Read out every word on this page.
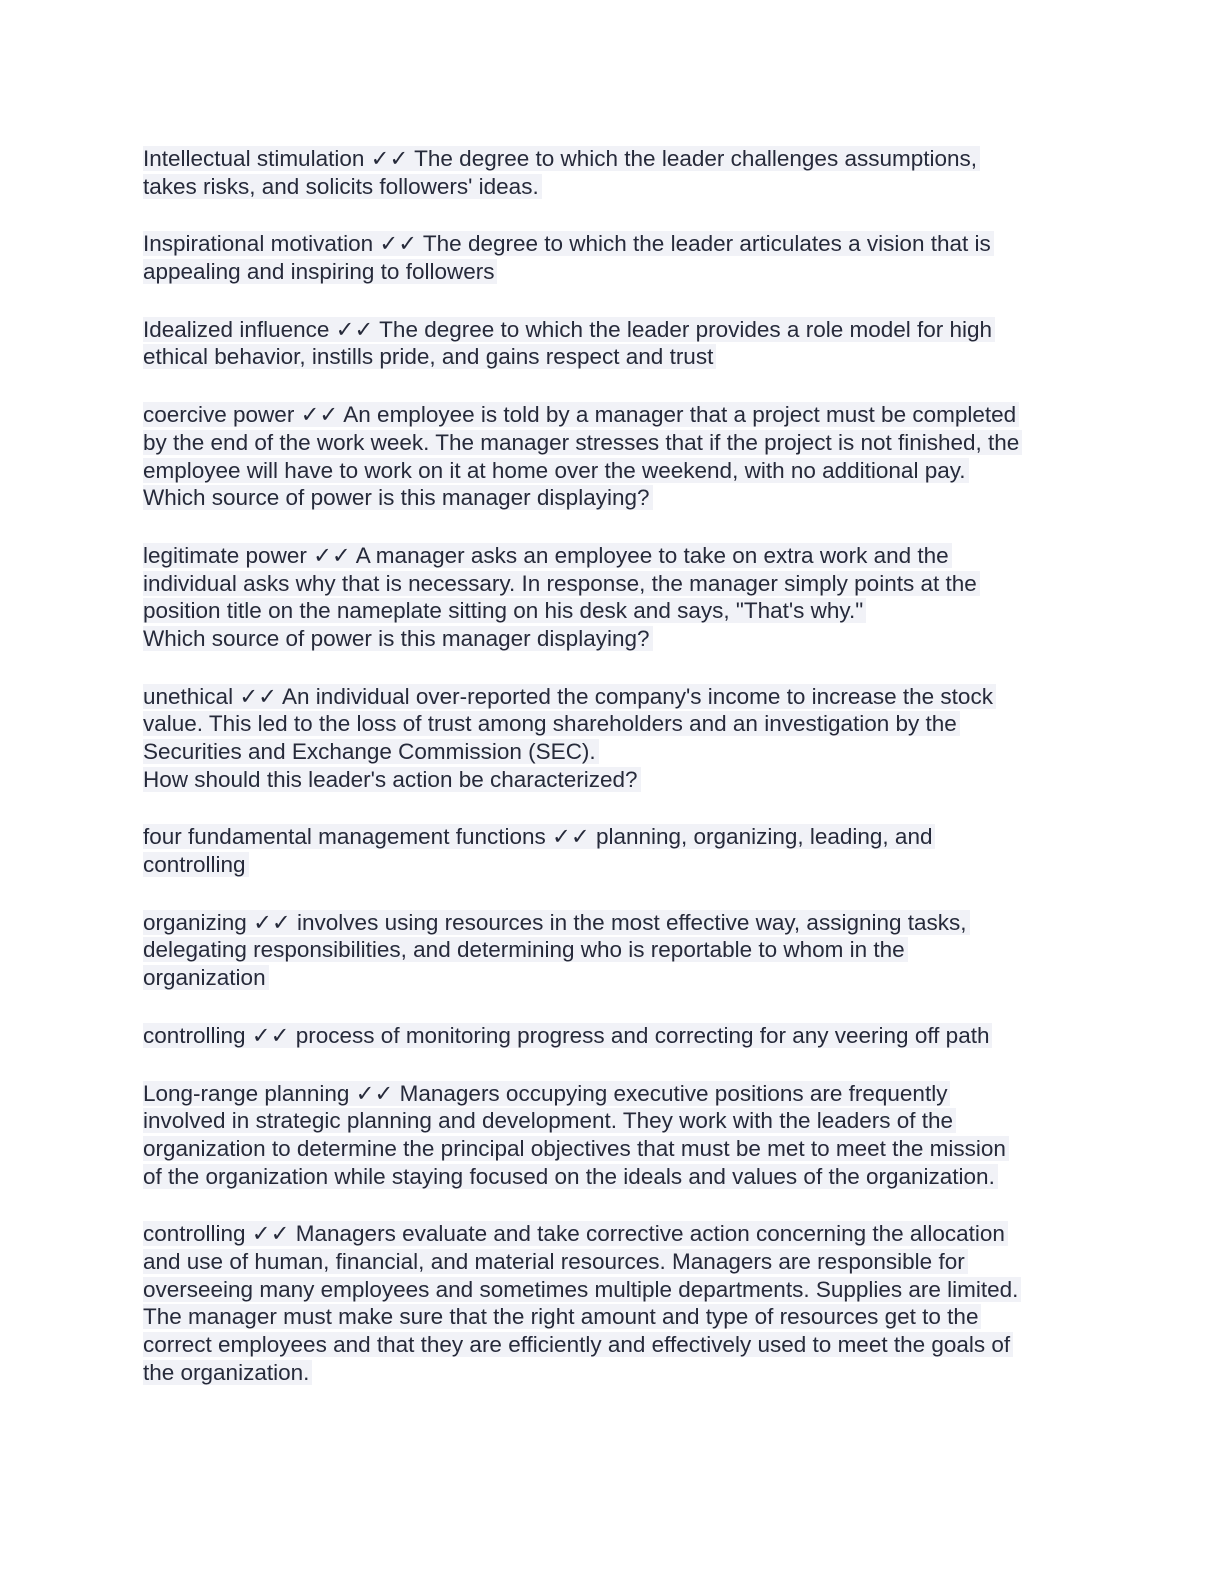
Intellectual stimulation ✓✓ The degree to which the leader challenges assumptions,
takes risks, and solicits followers' ideas.
Inspirational motivation ✓✓ The degree to which the leader articulates a vision that is
appealing and inspiring to followers
Idealized influence ✓✓ The degree to which the leader provides a role model for high
ethical behavior, instills pride, and gains respect and trust
coercive power ✓✓ An employee is told by a manager that a project must be completed
by the end of the work week. The manager stresses that if the project is not finished, the
employee will have to work on it at home over the weekend, with no additional pay.
Which source of power is this manager displaying?
legitimate power ✓✓ A manager asks an employee to take on extra work and the
individual asks why that is necessary. In response, the manager simply points at the
position title on the nameplate sitting on his desk and says, "That's why."
Which source of power is this manager displaying?
unethical ✓✓ An individual over-reported the company's income to increase the stock
value. This led to the loss of trust among shareholders and an investigation by the
Securities and Exchange Commission (SEC).
How should this leader's action be characterized?
four fundamental management functions ✓✓ planning, organizing, leading, and
controlling
organizing ✓✓ involves using resources in the most effective way, assigning tasks,
delegating responsibilities, and determining who is reportable to whom in the
organization
controlling ✓✓ process of monitoring progress and correcting for any veering off path
Long-range planning ✓✓ Managers occupying executive positions are frequently
involved in strategic planning and development. They work with the leaders of the
organization to determine the principal objectives that must be met to meet the mission
of the organization while staying focused on the ideals and values of the organization.
controlling ✓✓ Managers evaluate and take corrective action concerning the allocation
and use of human, financial, and material resources. Managers are responsible for
overseeing many employees and sometimes multiple departments. Supplies are limited.
The manager must make sure that the right amount and type of resources get to the
correct employees and that they are efficiently and effectively used to meet the goals of
the organization.
